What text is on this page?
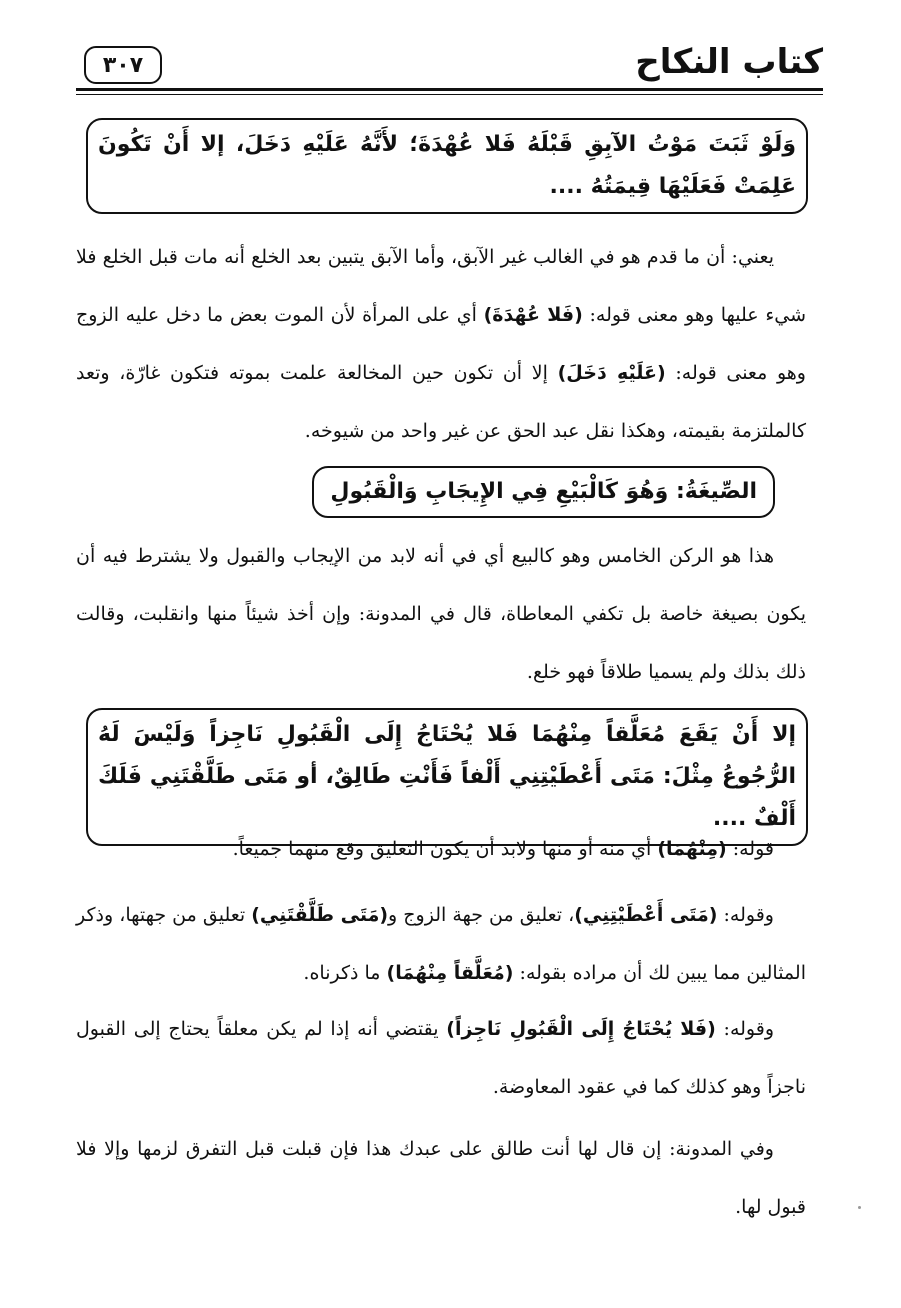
كتاب النكاح
٣٠٧

وَلَوْ ثَبَتَ مَوْتُ الآبِقِ قَبْلَهُ فَلا عُهْدَةَ؛ لأَنَّهُ عَلَيْهِ دَخَلَ، إلا أَنْ تَكُونَ عَلِمَتْ فَعَلَيْهَا قِيمَتُهُ ....

يعني: أن ما قدم هو في الغالب غير الآبق، وأما الآبق يتبين بعد الخلع أنه مات قبل الخلع فلا شيء عليها وهو معنى قوله: (فَلا عُهْدَةَ) أي على المرأة لأن الموت بعض ما دخل عليه الزوج وهو معنى قوله: (عَلَيْهِ دَخَلَ) إلا أن تكون حين المخالعة علمت بموته فتكون غارّة، وتعد كالملتزمة بقيمته، وهكذا نقل عبد الحق عن غير واحد من شيوخه.

الصِّيغَةُ: وَهُوَ كَالْبَيْعِ فِي الإِيجَابِ وَالْقَبُولِ

هذا هو الركن الخامس وهو كالبيع أي في أنه لابد من الإيجاب والقبول ولا يشترط فيه أن يكون بصيغة خاصة بل تكفي المعاطاة، قال في المدونة: وإن أخذ شيئاً منها وانقلبت، وقالت ذلك بذلك ولم يسميا طلاقاً فهو خلع.

إلا أَنْ يَقَعَ مُعَلَّقاً مِنْهُمَا فَلا يُحْتَاجُ إِلَى الْقَبُولِ نَاجِزاً وَلَيْسَ لَهُ الرُّجُوعُ مِثْلَ: مَتَى أَعْطَيْتِنِي أَلْفاً فَأَنْتِ طَالِقٌ، أو مَتَى طَلَّقْتَنِي فَلَكَ أَلْفٌ ....

قوله: (مِنْهُمَا) أي منه أو منها ولابد أن يكون التعليق وقع منهما جميعاً.

وقوله: (مَتَى أَعْطَيْتِنِي)، تعليق من جهة الزوج و(مَتَى طَلَّقْتَنِي) تعليق من جهتها، وذكر المثالين مما يبين لك أن مراده بقوله: (مُعَلَّقاً مِنْهُمَا) ما ذكرناه.

وقوله: (فَلا يُحْتَاجُ إِلَى الْقَبُولِ نَاجِزاً) يقتضي أنه إذا لم يكن معلقاً يحتاج إلى القبول ناجزاً وهو كذلك كما في عقود المعاوضة.

وفي المدونة: إن قال لها أنت طالق على عبدك هذا فإن قبلت قبل التفرق لزمها وإلا فلا قبول لها.
